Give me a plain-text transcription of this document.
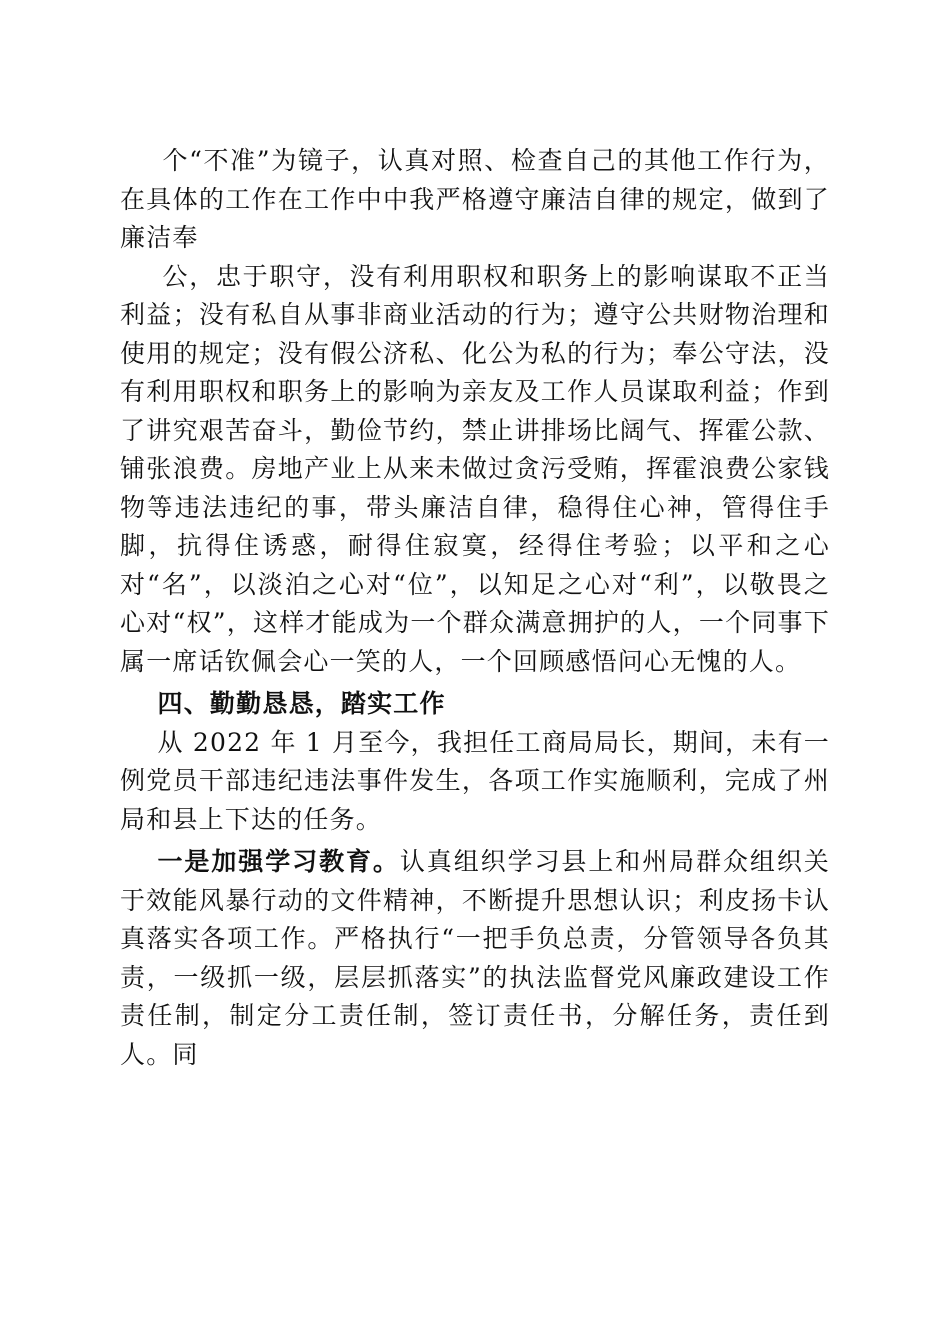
个“不准”为镜子，认真对照、检查自己的其他工作行为，在具体的工作在工作中中我严格遵守廉洁自律的规定，做到了廉洁奉

公，忠于职守，没有利用职权和职务上的影响谋取不正当利益；没有私自从事非商业活动的行为；遵守公共财物治理和使用的规定；没有假公济私、化公为私的行为；奉公守法，没有利用职权和职务上的影响为亲友及工作人员谋取利益；作到了讲究艰苦奋斗，勤俭节约，禁止讲排场比阔气、挥霍公款、铺张浪费。房地产业上从来未做过贪污受贿，挥霍浪费公家钱物等违法违纪的事，带头廉洁自律，稳得住心神，管得住手脚，抗得住诱惑，耐得住寂寞，经得住考验；以平和之心对“名”，以淡泊之心对“位”，以知足之心对“利”，以敬畏之心对“权”，这样才能成为一个群众满意拥护的人，一个同事下属一席话钦佩会心一笑的人，一个回顾感悟问心无愧的人。

四、勤勤恳恳，踏实工作

从 2022 年 1 月至今，我担任工商局局长，期间，未有一例党员干部违纪违法事件发生，各项工作实施顺利，完成了州局和县上下达的任务。

一是加强学习教育。认真组织学习县上和州局群众组织关于效能风暴行动的文件精神，不断提升思想认识；利皮扬卡认真落实各项工作。严格执行“一把手负总责，分管领导各负其责，一级抓一级，层层抓落实”的执法监督党风廉政建设工作责任制，制定分工责任制，签订责任书，分解任务，责任到人。同
